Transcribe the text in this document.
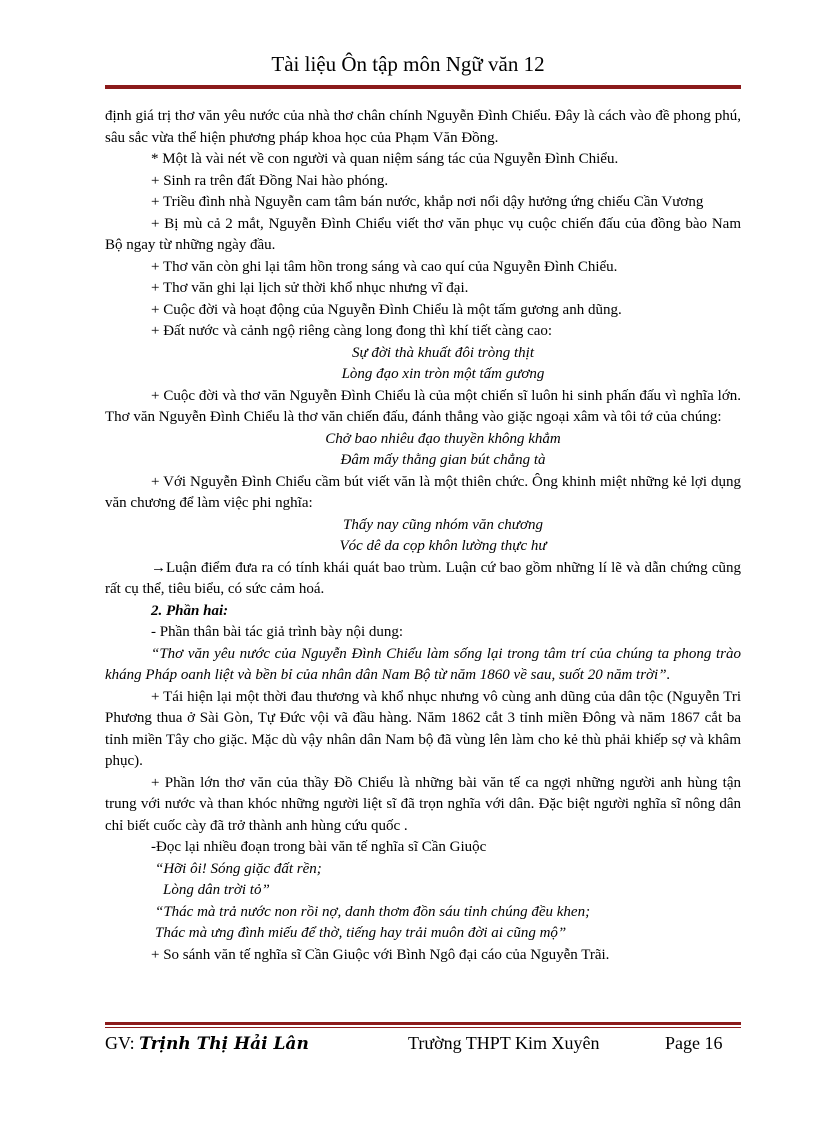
Tài liệu Ôn tập môn Ngữ văn 12

định giá trị thơ văn yêu nước của nhà thơ chân chính Nguyễn Đình Chiểu. Đây là cách vào đề phong phú, sâu sắc vừa thể hiện phương pháp khoa học của Phạm Văn Đồng.

* Một là vài nét về con người và quan niệm sáng tác của Nguyễn Đình Chiểu.

+ Sinh ra trên đất Đồng Nai hào phóng.

+ Triều đình nhà Nguyễn cam tâm bán nước, khắp nơi nổi dậy hưởng ứng chiếu Cần Vương

+ Bị mù cả 2 mắt, Nguyễn Đình Chiểu viết thơ văn phục vụ cuộc chiến đấu của đồng bào Nam Bộ ngay từ những ngày đầu.

+ Thơ văn còn ghi lại tâm hồn trong sáng và cao quí của Nguyễn Đình Chiểu.

+ Thơ văn ghi lại lịch sử thời khổ nhục nhưng vĩ đại.

+ Cuộc đời và hoạt động của Nguyễn Đình Chiểu là một tấm gương anh dũng.

+ Đất nước và cảnh ngộ riêng càng long đong thì khí tiết càng cao:

Sự đời thà khuất đôi tròng thịt

Lòng đạo xin tròn một tấm gương

+ Cuộc đời và thơ văn Nguyễn Đình Chiểu là của một chiến sĩ luôn hi sinh phấn đấu vì nghĩa lớn. Thơ văn Nguyễn Đình Chiểu là thơ văn chiến đấu, đánh thẳng vào giặc ngoại xâm và tôi tớ của chúng:

Chở bao nhiêu đạo thuyền không khẳm

Đâm mấy thằng gian bút chẳng tà

+ Với Nguyễn Đình Chiểu cầm bút viết văn là một thiên chức. Ông khinh miệt những kẻ lợi dụng văn chương để làm việc phi nghĩa:

Thấy nay cũng nhóm văn chương

Vóc dê da cọp khôn lường thực hư

→Luận điểm đưa ra có tính khái quát bao trùm. Luận cứ bao gồm những lí lẽ và dẫn chứng cũng rất cụ thể, tiêu biểu, có sức cảm hoá.

2. Phần hai:

- Phần thân bài tác giả trình bày nội dung:

“Thơ văn yêu nước của Nguyễn Đình Chiểu làm sống lại trong tâm trí của chúng ta phong trào kháng Pháp oanh liệt và bền bỉ của nhân dân Nam Bộ từ năm 1860 về sau, suốt 20 năm trời”.

+ Tái hiện lại một thời đau thương và khổ nhục nhưng vô cùng anh dũng của dân tộc (Nguyễn Tri Phương thua ở Sài Gòn, Tự Đức vội vã đầu hàng. Năm 1862 cắt 3 tỉnh miền Đông và năm 1867 cắt ba tỉnh miền Tây cho giặc. Mặc dù vậy nhân dân Nam bộ đã vùng lên làm cho kẻ thù phải khiếp sợ và khâm phục).

+ Phần lớn thơ văn của thầy Đồ Chiểu là những bài văn tế ca ngợi những người anh hùng tận trung với nước và than khóc những người liệt sĩ đã trọn nghĩa với dân. Đặc biệt người nghĩa sĩ nông dân chỉ biết cuốc cày đã trở thành anh hùng cứu quốc .

-Đọc lại nhiều đoạn trong bài văn tế nghĩa sĩ Cần Giuộc

“Hỡi ôi! Sóng giặc đất rền;

Lòng dân trời tỏ”

“Thác mà trả nước non rồi nợ, danh thơm đồn sáu tỉnh chúng đều khen;

Thác mà ưng đình miếu để thờ, tiếng hay trải muôn đời ai cũng mộ”

+ So sánh văn tế nghĩa sĩ Cần Giuộc với Bình Ngô đại cáo của Nguyễn Trãi.

GV: Trịnh Thị Hải Lân	Trường THPT Kim Xuyên	Page 16
